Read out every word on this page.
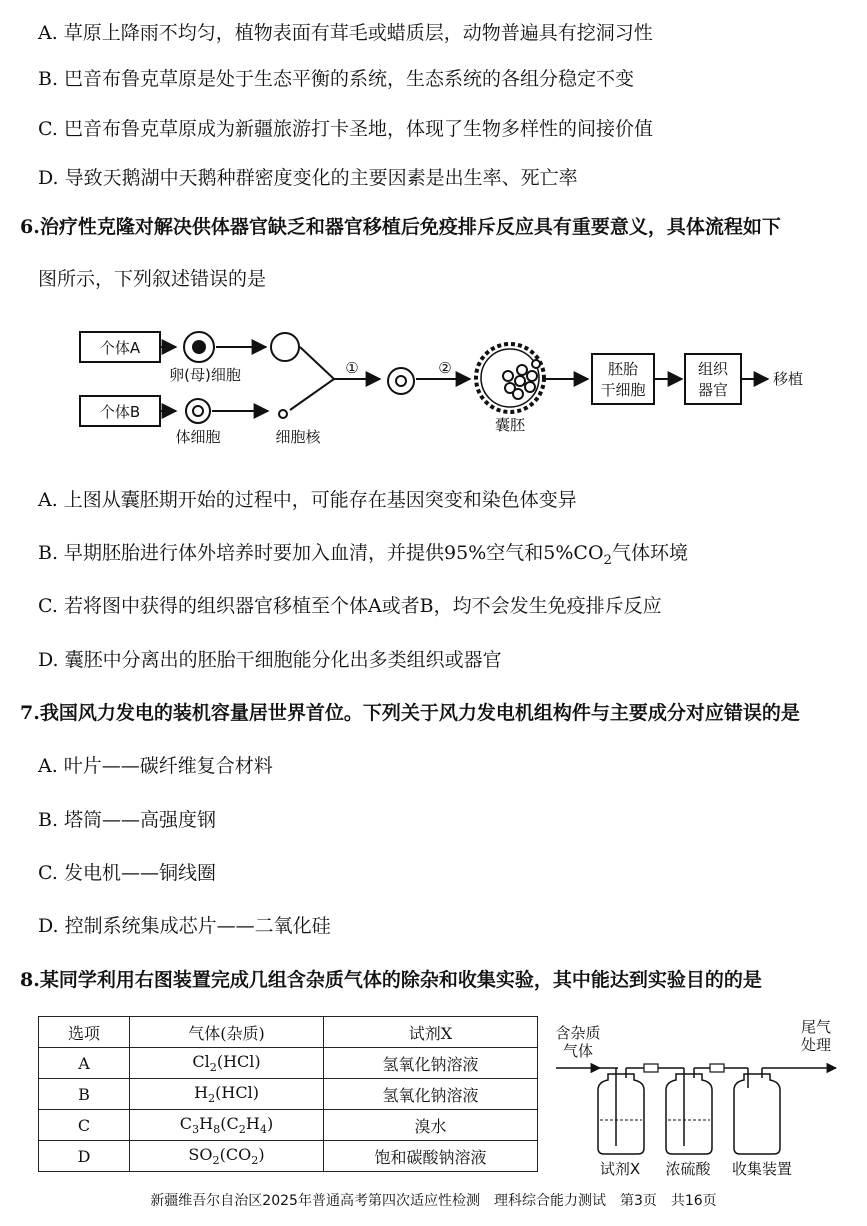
A. 草原上降雨不均匀，植物表面有茸毛或蜡质层，动物普遍具有挖洞习性
B. 巴音布鲁克草原是处于生态平衡的系统，生态系统的各组分稳定不变
C. 巴音布鲁克草原成为新疆旅游打卡圣地，体现了生物多样性的间接价值
D. 导致天鹅湖中天鹅种群密度变化的主要因素是出生率、死亡率
6.治疗性克隆对解决供体器官缺乏和器官移植后免疫排斥反应具有重要意义，具体流程如下
图所示，下列叙述错误的是
个体A
卵(母)细胞
个体B
体细胞	细胞核
①	②
囊胚
胚胎
干细胞
组织
器官
移植
A. 上图从囊胚期开始的过程中，可能存在基因突变和染色体变异
B. 早期胚胎进行体外培养时要加入血清，并提供95%空气和$5\%CO_2$气体环境
C. 若将图中获得的组织器官移植至个体A或者B，均不会发生免疫排斥反应
D. 囊胚中分离出的胚胎干细胞能分化出多类组织或器官
7.我国风力发电的装机容量居世界首位。下列关于风力发电机组构件与主要成分对应错误的是
A. 叶片——碳纤维复合材料
B. 塔筒——高强度钢
C. 发电机——铜线圈
D. 控制系统集成芯片——二氧化硅
8.某同学利用右图装置完成几组含杂质气体的除杂和收集实验，其中能达到实验目的的是
选项	气体(杂质)	试剂X
A	$Cl_2(HCl)$	氢氧化钠溶液
B	$H_2(HCl)$	氢氧化钠溶液
C	$C_3H_8(C_2H_4)$	溴水
D	$SO_2(CO_2)$	饱和碳酸钠溶液
含杂质
气体
尾气
处理
试剂X 浓硫酸 收集装置
新疆维吾尔自治区2025年普通高考第四次适应性检测　理科综合能力测试　第3页　共16页
